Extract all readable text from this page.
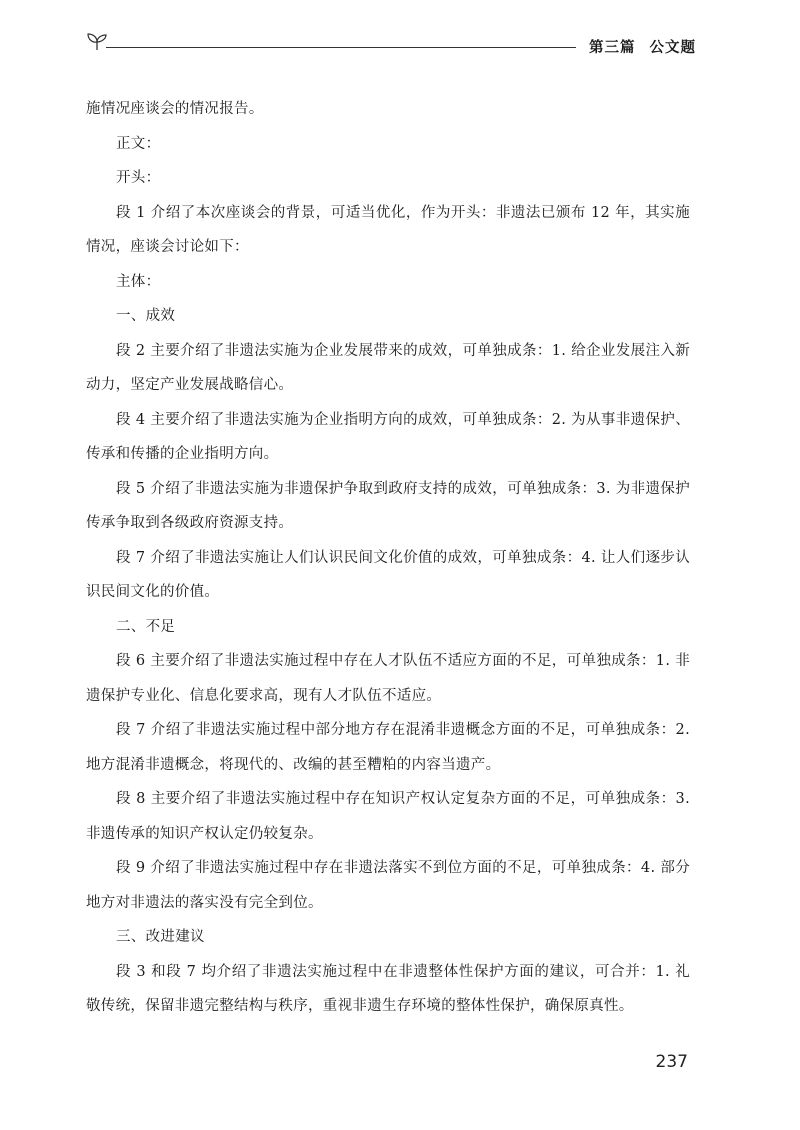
第三篇 公文题

施情况座谈会的情况报告。

正文：

开头：

段 1 介绍了本次座谈会的背景，可适当优化，作为开头：非遗法已颁布 12 年，其实施情况，座谈会讨论如下：

主体：

一、成效

段 2 主要介绍了非遗法实施为企业发展带来的成效，可单独成条：1. 给企业发展注入新动力，坚定产业发展战略信心。

段 4 主要介绍了非遗法实施为企业指明方向的成效，可单独成条：2. 为从事非遗保护、传承和传播的企业指明方向。

段 5 介绍了非遗法实施为非遗保护争取到政府支持的成效，可单独成条：3. 为非遗保护传承争取到各级政府资源支持。

段 7 介绍了非遗法实施让人们认识民间文化价值的成效，可单独成条：4. 让人们逐步认识民间文化的价值。

二、不足

段 6 主要介绍了非遗法实施过程中存在人才队伍不适应方面的不足，可单独成条：1. 非遗保护专业化、信息化要求高，现有人才队伍不适应。

段 7 介绍了非遗法实施过程中部分地方存在混淆非遗概念方面的不足，可单独成条：2. 地方混淆非遗概念，将现代的、改编的甚至糟粕的内容当遗产。

段 8 主要介绍了非遗法实施过程中存在知识产权认定复杂方面的不足，可单独成条：3. 非遗传承的知识产权认定仍较复杂。

段 9 介绍了非遗法实施过程中存在非遗法落实不到位方面的不足，可单独成条：4. 部分地方对非遗法的落实没有完全到位。

三、改进建议

段 3 和段 7 均介绍了非遗法实施过程中在非遗整体性保护方面的建议，可合并：1. 礼敬传统，保留非遗完整结构与秩序，重视非遗生存环境的整体性保护，确保原真性。

237
